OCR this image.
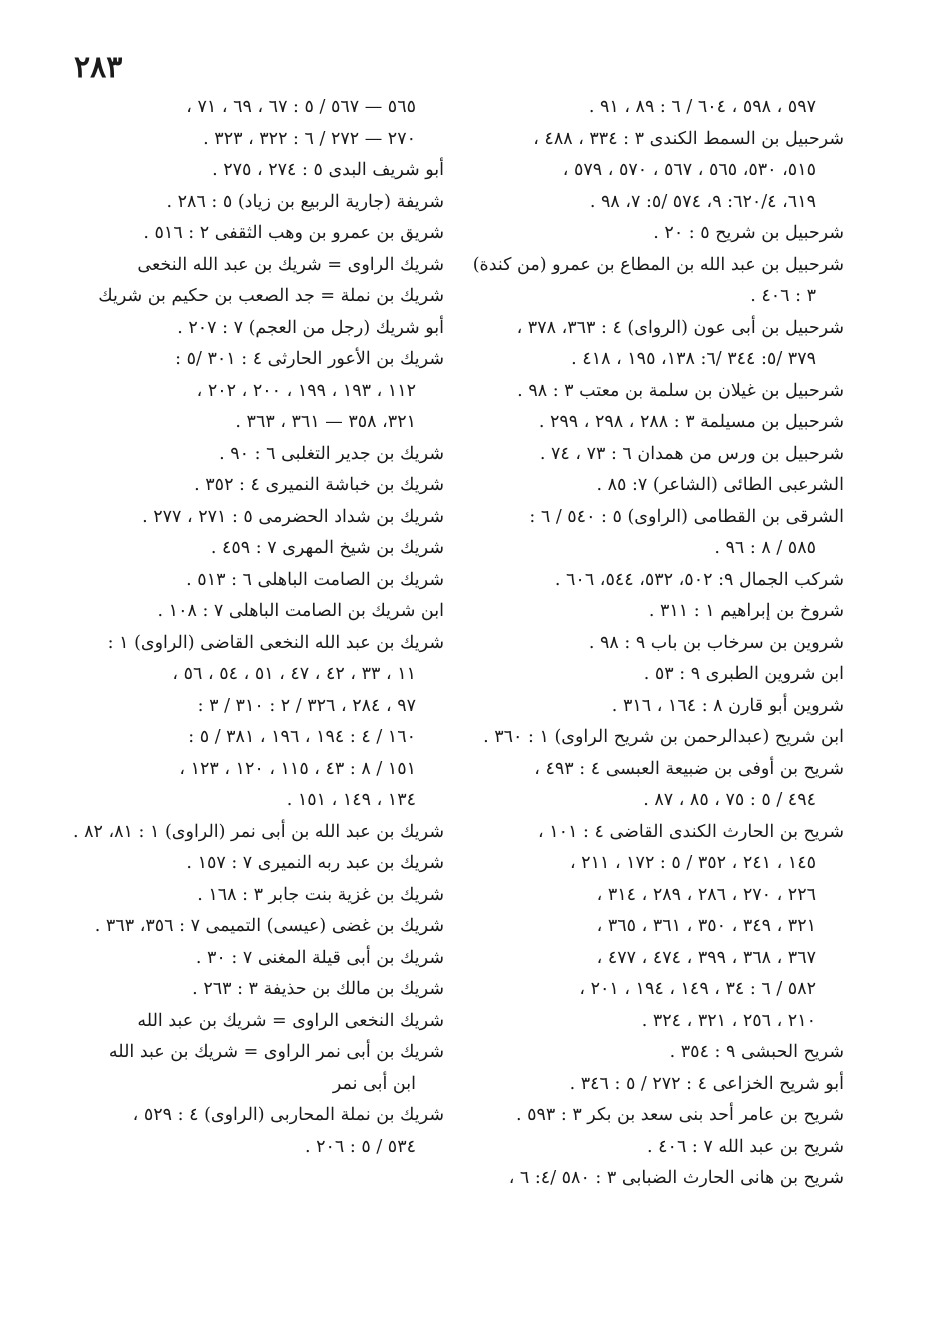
٢٨٣
٥٩٧ ، ٥٩٨ ، ٦٠٤ / ٦ : ٨٩ ، ٩١ .
شرحبيل بن السمط الكندى ٣ : ٣٣٤ ، ٤٨٨ ،
٥١٥، ٥٣٠، ٥٦٥ ، ٥٦٧ ، ٥٧٠ ، ٥٧٩ ،
٦١٩، ٦٢٠/٤: ٩، ٥٧٤ /٥: ٧، ٩٨ .
شرحبيل بن شريح ٥ : ٢٠ .
شرحبيل بن عبد الله بن المطاع بن عمرو (من كندة)
٣ : ٤٠٦ .
شرحبيل بن أبى عون (الرواى) ٤ : ٣٦٣، ٣٧٨ ،
٣٧٩ /٥: ٣٤٤ /٦: ١٣٨، ١٩٥ ، ٤١٨ .
شرحبيل بن غيلان بن سلمة بن معتب ٣ : ٩٨ .
شرحبيل بن مسيلمة ٣ : ٢٨٨ ، ٢٩٨ ، ٢٩٩ .
شرحبيل بن ورس من همدان ٦ : ٧٣ ، ٧٤ .
الشرعبى الطائى (الشاعر) ٧: ٨٥ .
الشرقى بن القطامى (الراوى) ٥ : ٥٤٠ / ٦ :
٥٨٥ / ٨ : ٩٦ .
شركب الجمال ٩: ٥٠٢، ٥٣٢، ٥٤٤، ٦٠٦ .
شروخ بن إبراهيم ١ : ٣١١ .
شروين بن سرخاب بن باب ٩ : ٩٨ .
ابن شروين الطبرى ٩ : ٥٣ .
شروين أبو قارن ٨ : ١٦٤ ، ٣١٦ .
ابن شريح (عبدالرحمن بن شريح الراوى) ١ : ٣٦٠ .
شريح بن أوفى بن ضبيعة العبسى ٤ : ٤٩٣ ،
٤٩٤ / ٥ : ٧٥ ، ٨٥ ، ٨٧ .
شريح بن الحارث الكندى القاضى ٤ : ١٠١ ،
١٤٥ ، ٢٤١ ، ٣٥٢ / ٥ : ١٧٢ ، ٢١١ ،
٢٢٦ ، ٢٧٠ ، ٢٨٦ ، ٢٨٩ ، ٣١٤ ،
٣٢١ ، ٣٤٩ ، ٣٥٠ ، ٣٦١ ، ٣٦٥ ،
٣٦٧ ، ٣٦٨ ، ٣٩٩ ، ٤٧٤ ، ٤٧٧ ،
٥٨٢ / ٦ : ٣٤ ، ١٤٩ ، ١٩٤ ، ٢٠١ ،
٢١٠ ، ٢٥٦ ، ٣٢١ ، ٣٢٤ .
شريح الحبشى ٩ : ٣٥٤ .
أبو شريح الخزاعى ٤ : ٢٧٢ / ٥ : ٣٤٦ .
شريح بن عامر أحد بنى سعد بن بكر ٣ : ٥٩٣ .
شريح بن عبد الله ٧ : ٤٠٦ .
شريح بن هانى الحارث الضبابى ٣ : ٥٨٠ /٤: ٦ ،
٥٦٥ — ٥٦٧ / ٥ : ٦٧ ، ٦٩ ، ٧١ ،
٢٧٠ — ٢٧٢ / ٦ : ٣٢٢ ، ٣٢٣ .
أبو شريف البدى ٥ : ٢٧٤ ، ٢٧٥ .
شريفة (جارية الربيع بن زياد) ٥ : ٢٨٦ .
شريق بن عمرو بن وهب الثقفى ٢ : ٥١٦ .
شريك الراوى = شريك بن عبد الله النخعى
شريك بن نملة = جد الصعب بن حكيم بن شريك
أبو شريك (رجل من العجم) ٧ : ٢٠٧ .
شريك بن الأعور الحارثى ٤ : ٣٠١ /٥ :
١١٢ ، ١٩٣ ، ١٩٩ ، ٢٠٠ ، ٢٠٢ ،
٣٢١، ٣٥٨ — ٣٦١ ، ٣٦٣ .
شريك بن جدير التغلبى ٦ : ٩٠ .
شريك بن خباشة النميرى ٤ : ٣٥٢ .
شريك بن شداد الحضرمى ٥ : ٢٧١ ، ٢٧٧ .
شريك بن شيخ المهرى ٧ : ٤٥٩ .
شريك بن الصامت الباهلى ٦ : ٥١٣ .
ابن شريك بن الصامت الباهلى ٧ : ١٠٨ .
شريك بن عبد الله النخعى القاضى (الراوى) ١ :
١١ ، ٣٣ ، ٤٢ ، ٤٧ ، ٥١ ، ٥٤ ، ٥٦ ،
٩٧ ، ٢٨٤ ، ٣٢٦ / ٢ : ٣١٠ / ٣ :
١٦٠ / ٤ : ١٩٤ ، ١٩٦ ، ٣٨١ / ٥ :
١٥١ / ٨ : ٤٣ ، ١١٥ ، ١٢٠ ، ١٢٣ ،
١٣٤ ، ١٤٩ ، ١٥١ .
شريك بن عبد الله بن أبى نمر (الراوى) ١ : ٨١، ٨٢ .
شريك بن عبد ربه النميرى ٧ : ١٥٧ .
شريك بن غزية بنت جابر ٣ : ١٦٨ .
شريك بن غضى (عيسى) التميمى ٧ : ٣٥٦، ٣٦٣ .
شريك بن أبى قيلة المغنى ٧ : ٣٠ .
شريك بن مالك بن حذيفة ٣ : ٢٦٣ .
شريك النخعى الراوى = شريك بن عبد الله
شريك بن أبى نمر الراوى = شريك بن عبد الله
ابن أبى نمر
شريك بن نملة المحاربى (الراوى) ٤ : ٥٢٩ ،
٥٣٤ / ٥ : ٢٠٦ .
